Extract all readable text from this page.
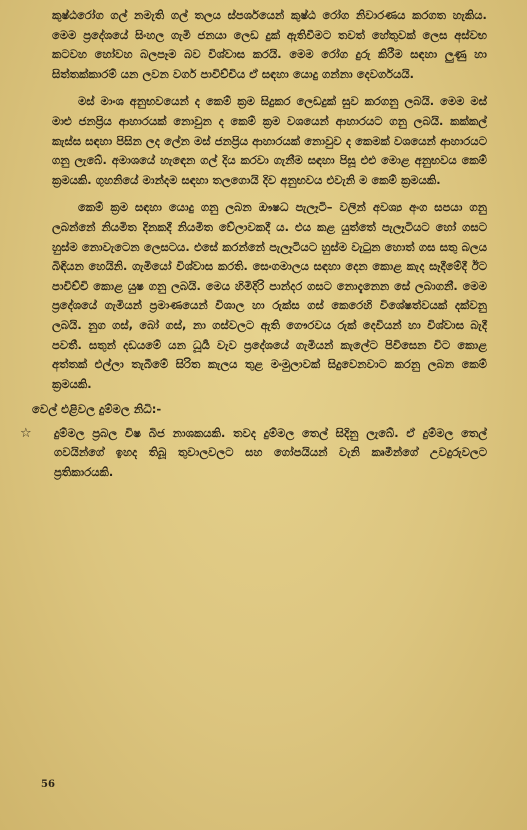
කුෂ්ඨරෝග ගල් නමැති ගල් තලය ස්පර්ශයෙන් කුෂ්ඨ රෝග නිවාරණය කරගත හැකිය. මෙම ප්‍රදේශයේ සිංහල ගැමි ජනයා ලෙඩ දුක් ඇතිවීමට තවත් හේතුවක් ලෙස අස්වභ කටවහ හෝවහ බලපෑම බව විශ්වාස කරයි. මෙම රෝග දුරු කිරීම සඳහා ලුණු හා සිත්තක්කාරම් යන ලවන වර්ග පාවිච්චිය ඒ සඳහා යොදු ගන්නා දෙවර්ගයයි.

මස් මාංශ අනුභවයෙන් ද කෙම් ක්‍රම සිදුකර ලෙඩදුක් සුව කරගනු ලබයි. මෙම මස් මාළු ජනප්‍රිය ආහාරයක් නොවුන ද කෙම් ක්‍රම වශයෙන් ආහාරයට ගනු ලබයි. කක්කල් කැස්ස සඳහා පිසින ලද ලේන මස් ජනප්‍රිය ආහාරයක් නොවුව ද කෙමක් වශයෙන් ආහාරයට ගනු ලැබේ. අමාශයේ හැඳෙන ගල් දිය කරවා ගැනීම සඳහා පිසූ එළු මොළ අනුභවය කෙම් ක්‍රමයකි. ගුහනියේ මාන්දම සඳහා තලගොයි දිව අනුභවය එවැනි ම කෙම් ක්‍රමයකි.

කෙම් ක්‍රම සඳහා යොදු ගනු ලබන ඖෂධ පැලෑටි– වලින් අවශ්‍ය අංග සපයා ගනු ලබන්නේ නියමිත දිනකදී නියමිත වේලාවකදී ය. එය කළ යුත්තේ පැලෑටියට හෝ ගසට හුස්ම නොවැටෙන ලෙසටය. එසේ කරන්නේ පැලෑටියට හුස්ම වැටුන හොත් ගස සතු බලය බිඳියන හෙයිනි. ගැමියෝ විශ්වාස කරති. සෙංගමාලය සඳහා දෙන කොළ කැද සෑදීමේදී ඊට පාවිච්චි කොළ යුෂ ගනු ලබයි. මෙය හිමිදිරි පාන්දර ගසට නොදැනෙන සේ ලබාගනී. මෙම ප්‍රදේශයේ ගැමියන් ප්‍රමාණයෙන් විශාල හා රුක්ස ගස් කෙරෙහි විශේෂත්වයක් දක්වනු ලබයි. නුග ගස්, බෝ ගස්, නා ගස්වලට ඇති ගෞරවය රුක් දෙවියන් හා විශ්වාස බැදී පවතී. සතුන් දඩයමේ යන ධූර්‍ය වැව ප්‍රදේශයේ ගැමියන් කැලේට පිවිසෙන විට කොළ අත්තක් එල්ලා තැබීමේ සිරිත කැලය තුළ මංමුලාවක් සිදුවෙනවාට කරනු ලබන කෙම් ක්‍රමයකි.

වෙල් එළිවල දුම්මල නිධි:-
☆	දුම්මල ප්‍රබල විෂ බිජ නාශකයකි. තවද දුම්මල තෙල් සිදිනු ලැබේ. ඒ දුම්මල තෙල් ගවයින්ගේ ඉහද තිබූ තුවාලවලට සහ ගෝපයියන් වැනි කෘමීන්ගේ උවදුරුවලට ප්‍රතිකාරයකි.

56
